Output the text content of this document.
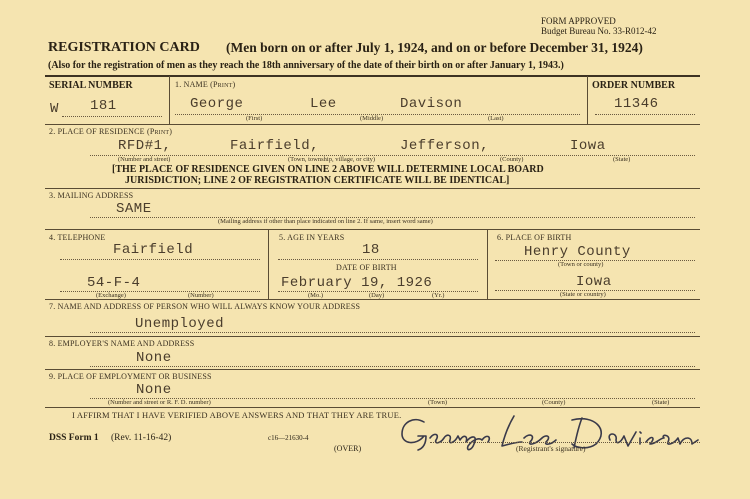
FORM APPROVED
Budget Bureau No. 33-R012-42
REGISTRATION CARD (Men born on or after July 1, 1924, and on or before December 31, 1924)
(Also for the registration of men as they reach the 18th anniversary of the date of their birth on or after January 1, 1943.)
SERIAL NUMBER
W 181
1. NAME (Print)
George	Lee	Davison
(First)	(Middle)	(Last)
ORDER NUMBER
11346
2. PLACE OF RESIDENCE (Print)
RFD#1,	Fairfield,	Jefferson,	Iowa
(Number and street)	(Town, township, village, or city)	(County)	(State)
[THE PLACE OF RESIDENCE GIVEN ON LINE 2 ABOVE WILL DETERMINE LOCAL BOARD
JURISDICTION; LINE 2 OF REGISTRATION CERTIFICATE WILL BE IDENTICAL]
3. MAILING ADDRESS
SAME
(Mailing address if other than place indicated on line 2. If same, insert word same)
4. TELEPHONE
Fairfield
54-F-4
(Exchange)	(Number)
5. AGE IN YEARS
18
DATE OF BIRTH
February 19, 1926
(Mo.)	(Day)	(Yr.)
6. PLACE OF BIRTH
Henry County
(Town or county)
Iowa
(State or country)
7. NAME AND ADDRESS OF PERSON WHO WILL ALWAYS KNOW YOUR ADDRESS
Unemployed
8. EMPLOYER'S NAME AND ADDRESS
None
9. PLACE OF EMPLOYMENT OR BUSINESS
None
(Number and street or R. F. D. number)	(Town)	(County)	(State)
I AFFIRM THAT I HAVE VERIFIED ABOVE ANSWERS AND THAT THEY ARE TRUE.
DSS Form 1 (Rev. 11-16-42)	c16—21630-4
(OVER)	(Registrant's signature)
